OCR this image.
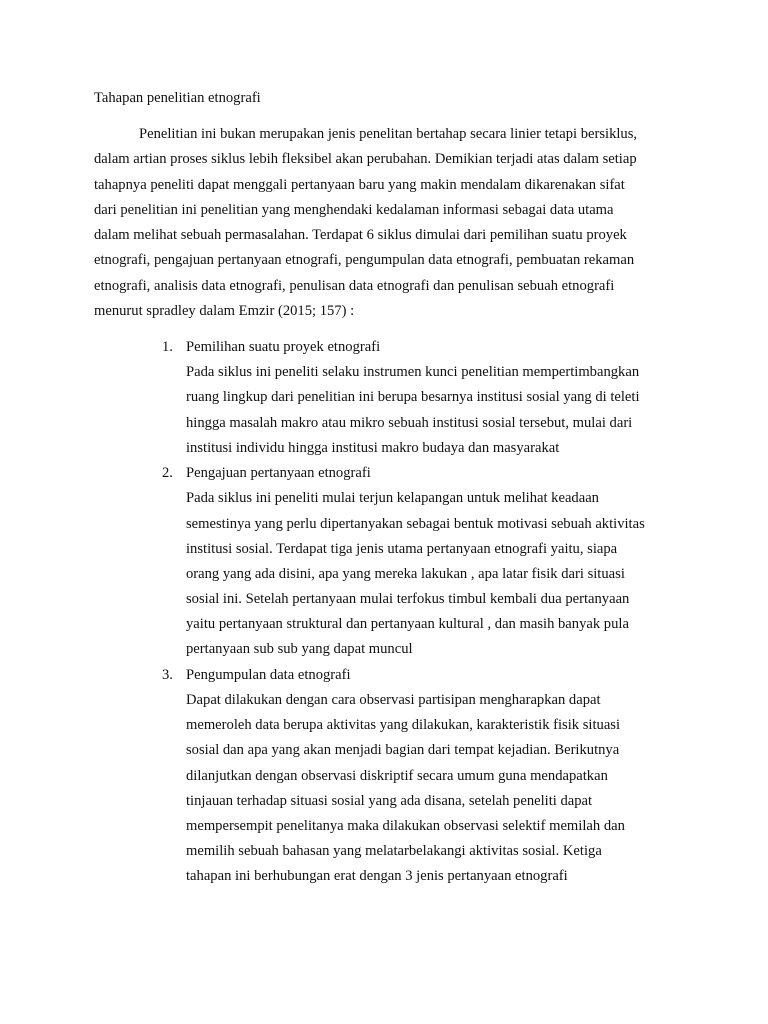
Tahapan penelitian etnografi
Penelitian ini bukan merupakan jenis penelitan bertahap secara linier tetapi bersiklus,
dalam artian proses siklus lebih fleksibel akan perubahan. Demikian terjadi atas dalam setiap
tahapnya peneliti dapat menggali pertanyaan baru yang makin mendalam dikarenakan sifat
dari penelitian ini penelitian yang menghendaki kedalaman informasi sebagai data utama
dalam melihat sebuah permasalahan. Terdapat 6 siklus dimulai dari pemilihan suatu proyek
etnografi, pengajuan pertanyaan etnografi, pengumpulan data etnografi, pembuatan rekaman
etnografi, analisis data etnografi, penulisan data etnografi dan penulisan sebuah etnografi
menurut spradley dalam Emzir (2015; 157) :
1. Pemilihan suatu proyek etnografi
Pada siklus ini peneliti selaku instrumen kunci penelitian mempertimbangkan
ruang lingkup dari penelitian ini berupa besarnya institusi sosial yang di teleti
hingga masalah makro atau mikro sebuah institusi sosial tersebut, mulai dari
institusi individu hingga institusi makro budaya dan masyarakat
2. Pengajuan pertanyaan etnografi
Pada siklus ini peneliti mulai terjun kelapangan untuk melihat keadaan
semestinya yang perlu dipertanyakan sebagai bentuk motivasi sebuah aktivitas
institusi sosial. Terdapat tiga jenis utama pertanyaan etnografi yaitu, siapa
orang yang ada disini, apa yang mereka lakukan , apa latar fisik dari situasi
sosial ini. Setelah pertanyaan mulai terfokus timbul kembali dua pertanyaan
yaitu pertanyaan struktural dan pertanyaan kultural , dan masih banyak pula
pertanyaan sub sub yang dapat muncul
3. Pengumpulan data etnografi
Dapat dilakukan dengan cara observasi partisipan mengharapkan dapat
memeroleh data berupa aktivitas yang dilakukan, karakteristik fisik situasi
sosial dan apa yang akan menjadi bagian dari tempat kejadian. Berikutnya
dilanjutkan dengan observasi diskriptif secara umum guna mendapatkan
tinjauan terhadap situasi sosial yang ada disana, setelah peneliti dapat
mempersempit penelitanya maka dilakukan observasi selektif memilah dan
memilih sebuah bahasan yang melatarbelakangi aktivitas sosial. Ketiga
tahapan ini berhubungan erat dengan 3 jenis pertanyaan etnografi
